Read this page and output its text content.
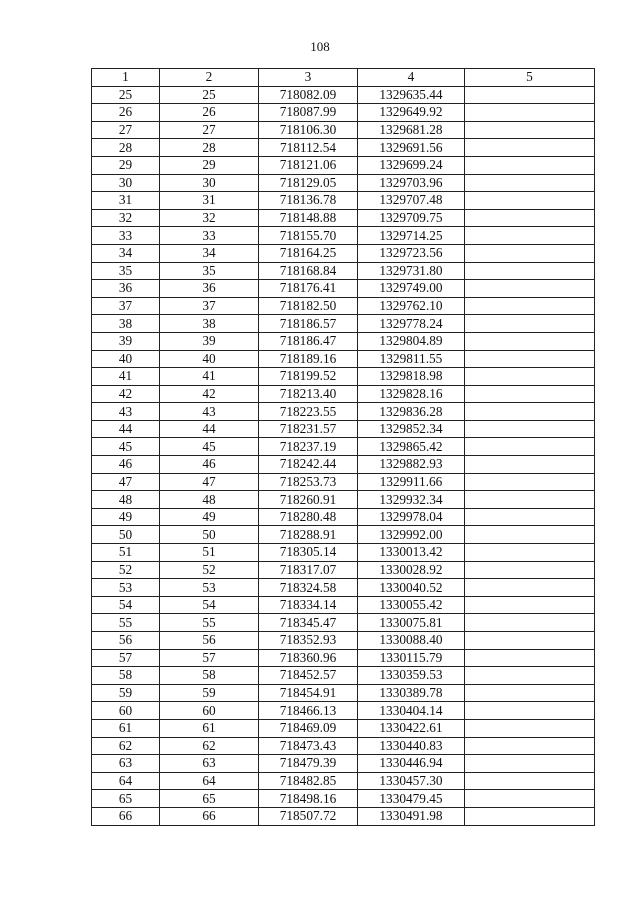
108
1	2	3	4	5
25	25	718082.09	1329635.44	
26	26	718087.99	1329649.92	
27	27	718106.30	1329681.28	
28	28	718112.54	1329691.56	
29	29	718121.06	1329699.24	
30	30	718129.05	1329703.96	
31	31	718136.78	1329707.48	
32	32	718148.88	1329709.75	
33	33	718155.70	1329714.25	
34	34	718164.25	1329723.56	
35	35	718168.84	1329731.80	
36	36	718176.41	1329749.00	
37	37	718182.50	1329762.10	
38	38	718186.57	1329778.24	
39	39	718186.47	1329804.89	
40	40	718189.16	1329811.55	
41	41	718199.52	1329818.98	
42	42	718213.40	1329828.16	
43	43	718223.55	1329836.28	
44	44	718231.57	1329852.34	
45	45	718237.19	1329865.42	
46	46	718242.44	1329882.93	
47	47	718253.73	1329911.66	
48	48	718260.91	1329932.34	
49	49	718280.48	1329978.04	
50	50	718288.91	1329992.00	
51	51	718305.14	1330013.42	
52	52	718317.07	1330028.92	
53	53	718324.58	1330040.52	
54	54	718334.14	1330055.42	
55	55	718345.47	1330075.81	
56	56	718352.93	1330088.40	
57	57	718360.96	1330115.79	
58	58	718452.57	1330359.53	
59	59	718454.91	1330389.78	
60	60	718466.13	1330404.14	
61	61	718469.09	1330422.61	
62	62	718473.43	1330440.83	
63	63	718479.39	1330446.94	
64	64	718482.85	1330457.30	
65	65	718498.16	1330479.45	
66	66	718507.72	1330491.98	
